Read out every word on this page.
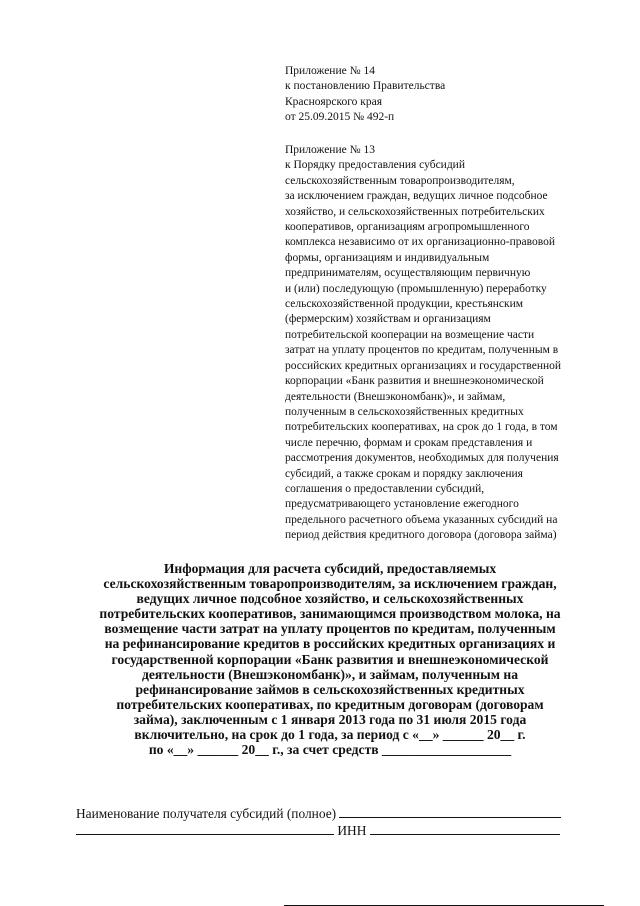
Приложение № 14
к постановлению Правительства
Красноярского края
от 25.09.2015 № 492-п
Приложение № 13
к Порядку предоставления субсидий
сельскохозяйственным товаропроизводителям,
за исключением граждан, ведущих личное подсобное
хозяйство, и сельскохозяйственных потребительских
кооперативов, организациям агропромышленного
комплекса независимо от их организационно-правовой
формы, организациям и индивидуальным
предпринимателям, осуществляющим первичную
и (или) последующую (промышленную) переработку
сельскохозяйственной продукции, крестьянским
(фермерским) хозяйствам и организациям
потребительской кооперации на возмещение части
затрат на уплату процентов по кредитам, полученным в
российских кредитных организациях и государственной
корпорации «Банк развития и внешнеэкономической
деятельности (Внешэкономбанк)», и займам,
полученным в сельскохозяйственных кредитных
потребительских кооперативах, на срок до 1 года, в том
числе перечню, формам и срокам представления и
рассмотрения документов, необходимых для получения
субсидий, а также срокам и порядку заключения
соглашения о предоставлении субсидий,
предусматривающего установление ежегодного
предельного расчетного объема указанных субсидий на
период действия кредитного договора (договора займа)
Информация для расчета субсидий, предоставляемых
сельскохозяйственным товаропроизводителям, за исключением граждан,
ведущих личное подсобное хозяйство, и сельскохозяйственных
потребительских кооперативов, занимающимся производством молока, на
возмещение части затрат на уплату процентов по кредитам, полученным
на рефинансирование кредитов в российских кредитных организациях и
государственной корпорации «Банк развития и внешнеэкономической
деятельности (Внешэкономбанк)», и займам, полученным на
рефинансирование займов в сельскохозяйственных кредитных
потребительских кооперативах, по кредитным договорам (договорам
займа), заключенным с 1 января 2013 года по 31 июля 2015 года
включительно, на срок до 1 года, за период с «__» ______ 20__ г.
по «__» ______ 20__ г., за счет средств ___________________
Наименование получателя субсидий (полное)
ИНН
